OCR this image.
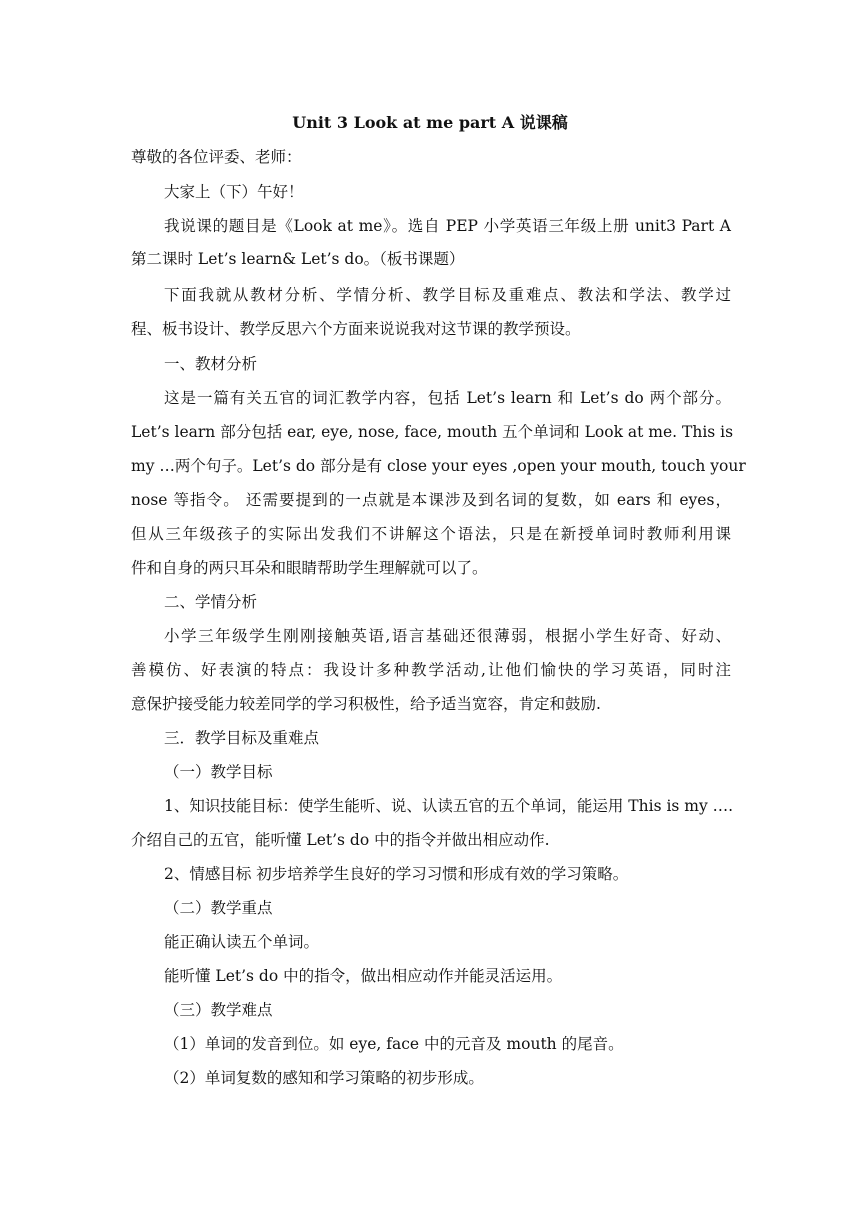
Unit 3 Look at me part A 说课稿
尊敬的各位评委、老师：
大家上（下）午好！
我说课的题目是《Look at me》。选自 PEP 小学英语三年级上册 unit3 Part A
第二课时 Let’s learn& Let’s do。（板书课题）
下面我就从教材分析、学情分析、教学目标及重难点、教法和学法、教学过
程、板书设计、教学反思六个方面来说说我对这节课的教学预设。
一、教材分析
这是一篇有关五官的词汇教学内容，包括 Let’s learn 和 Let’s do 两个部分。
Let’s learn 部分包括 ear, eye, nose, face, mouth 五个单词和 Look at me. This is
my …两个句子。Let’s do 部分是有 close your eyes ,open your mouth, touch your
nose 等指令。 还需要提到的一点就是本课涉及到名词的复数，如 ears 和 eyes，
但从三年级孩子的实际出发我们不讲解这个语法，只是在新授单词时教师利用课
件和自身的两只耳朵和眼睛帮助学生理解就可以了。
二、学情分析
小学三年级学生刚刚接触英语,语言基础还很薄弱，根据小学生好奇、好动、
善模仿、好表演的特点：我设计多种教学活动,让他们愉快的学习英语，同时注
意保护接受能力较差同学的学习积极性，给予适当宽容，肯定和鼓励.
三．教学目标及重难点
（一）教学目标
1、知识技能目标：使学生能听、说、认读五官的五个单词，能运用 This is my ….
介绍自己的五官，能听懂 Let’s do 中的指令并做出相应动作.
2、情感目标 初步培养学生良好的学习习惯和形成有效的学习策略。
（二）教学重点
能正确认读五个单词。
能听懂 Let’s do 中的指令，做出相应动作并能灵活运用。
（三）教学难点
（1）单词的发音到位。如 eye, face 中的元音及 mouth 的尾音。
（2）单词复数的感知和学习策略的初步形成。
